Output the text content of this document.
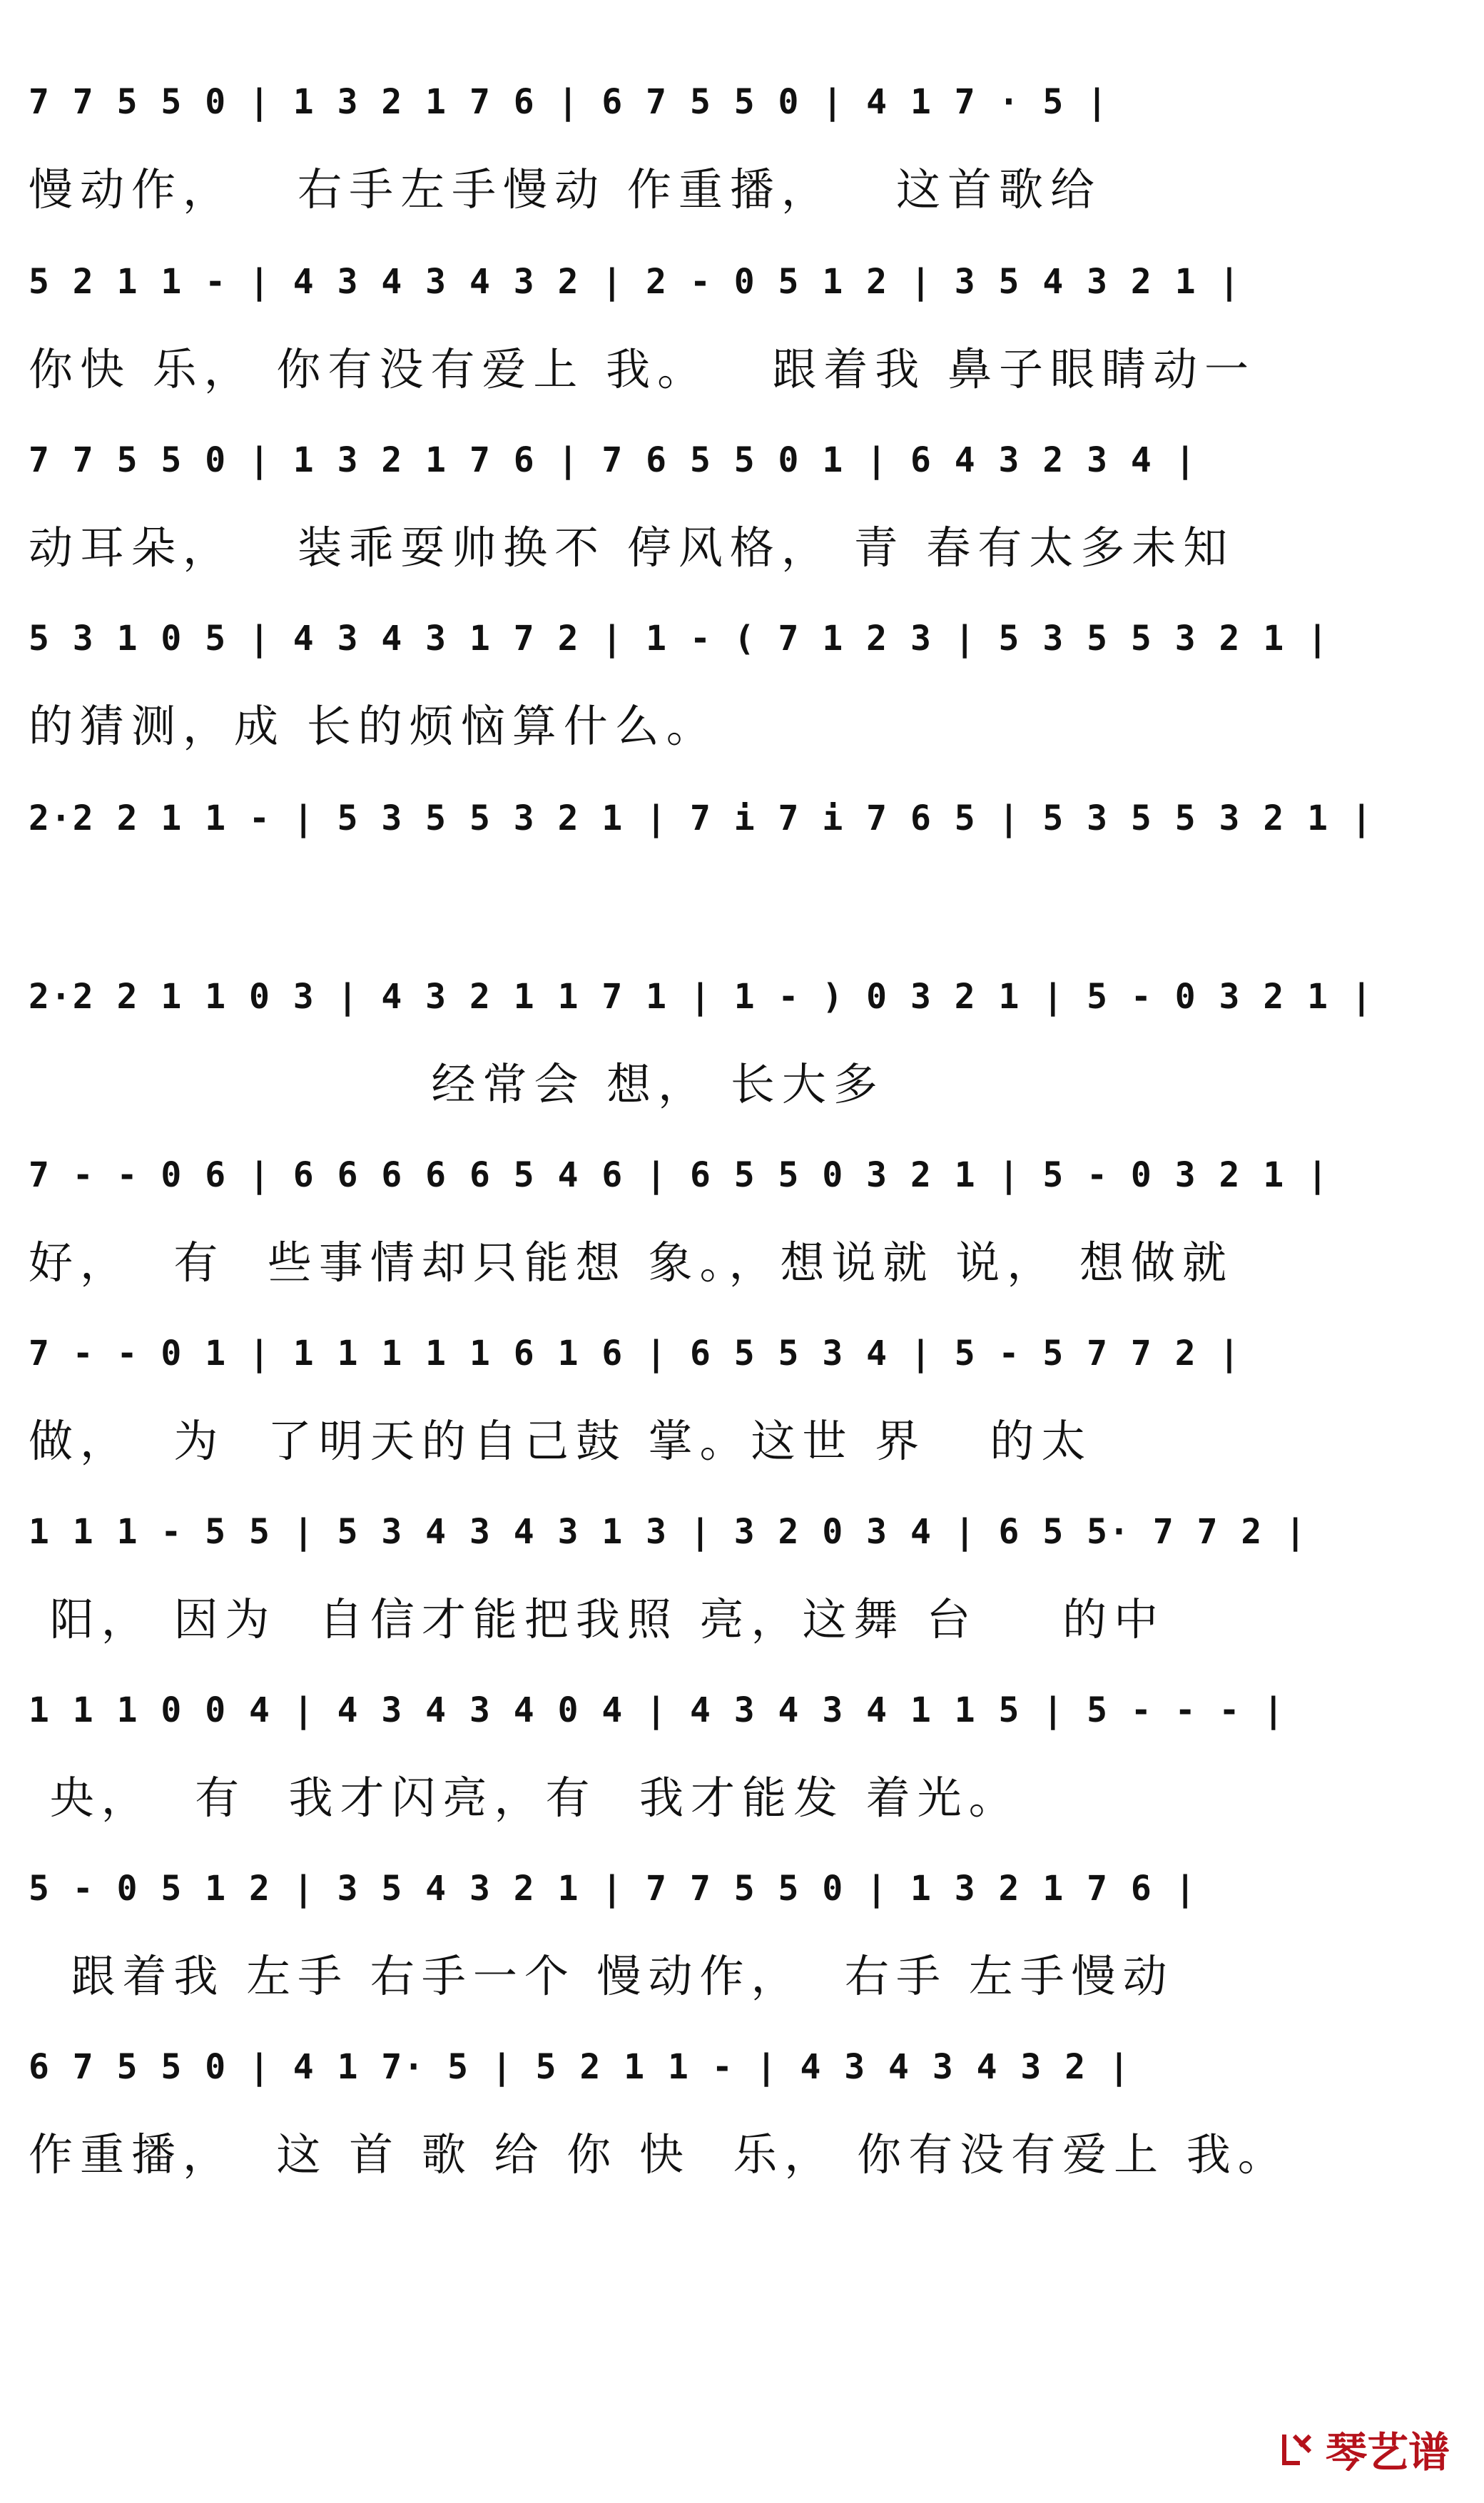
7 7 5 5 0 | 1 3 2 1 7 6 | 6 7 5 5 0 | 4 1 7 · 5 |
慢动作，   右手左手慢动 作重播，   这首歌给
5 2 1 1 - | 4 3 4 3 4 3 2 | 2 - 0 5 1 2 | 3 5 4 3 2 1 |
你快 乐， 你有没有爱上 我。   跟着我 鼻子眼睛动一
7 7 5 5 0 | 1 3 2 1 7 6 | 7 6 5 5 0 1 | 6 4 3 2 3 4 |
动耳朵，   装乖耍帅换不 停风格， 青 春有太多未知
5 3 1 0 5 | 4 3 4 3 1 7 2 | 1 - ( 7 1 2 3 | 5 3 5 5 3 2 1 |
的猜测，成 长的烦恼算什么。
2·2 2 1 1 - | 5 3 5 5 3 2 1 | 7 i 7 i 7 6 5 | 5 3 5 5 3 2 1 |
2·2 2 1 1 0 3 | 4 3 2 1 1 7 1 | 1 - ) 0 3 2 1 | 5 - 0 3 2 1 |
经常会 想， 长大多
7 - - 0 6 | 6 6 6 6 6 5 4 6 | 6 5 5 0 3 2 1 | 5 - 0 3 2 1 |
好，  有  些事情却只能想 象。，想说就 说， 想做就
7 - - 0 1 | 1 1 1 1 1 6 1 6 | 6 5 5 3 4 | 5 - 5 7 7 2 |
做，  为  了明天的自己鼓 掌。这世 界   的太
1 1 1 - 5 5 | 5 3 4 3 4 3 1 3 | 3 2 0 3 4 | 6 5 5· 7 7 2 |
阳， 因为  自信才能把我照 亮，这舞 台    的中
1 1 1 0 0 4 | 4 3 4 3 4 0 4 | 4 3 4 3 4 1 1 5 | 5 - - - |
央，  有  我才闪亮，有  我才能发 着光。
5 - 0 5 1 2 | 3 5 4 3 2 1 | 7 7 5 5 0 | 1 3 2 1 7 6 |
跟着我 左手 右手一个 慢动作，  右手 左手慢动
6 7 5 5 0 | 4 1 7· 5 | 5 2 1 1 - | 4 3 4 3 4 3 2 |
作重播，  这 首 歌 给 你 快  乐， 你有没有爱上 我。
琴艺谱
